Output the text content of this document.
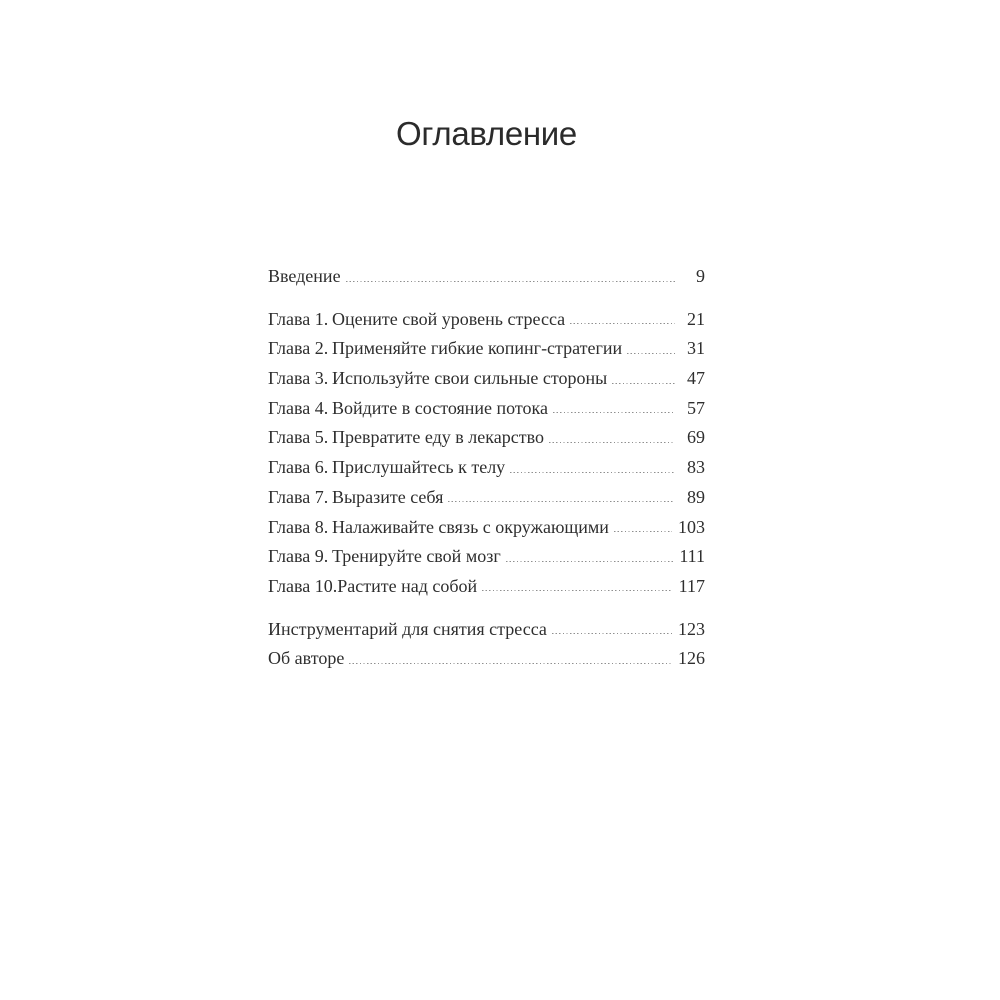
Оглавление
Введение	9
Глава 1. Оцените свой уровень стресса	21
Глава 2. Применяйте гибкие копинг-стратегии	31
Глава 3. Используйте свои сильные стороны	47
Глава 4. Войдите в состояние потока	57
Глава 5. Превратите еду в лекарство	69
Глава 6. Прислушайтесь к телу	83
Глава 7. Выразите себя	89
Глава 8. Налаживайте связь с окружающими	103
Глава 9. Тренируйте свой мозг	111
Глава 10. Растите над собой	117
Инструментарий для снятия стресса	123
Об авторе	126
